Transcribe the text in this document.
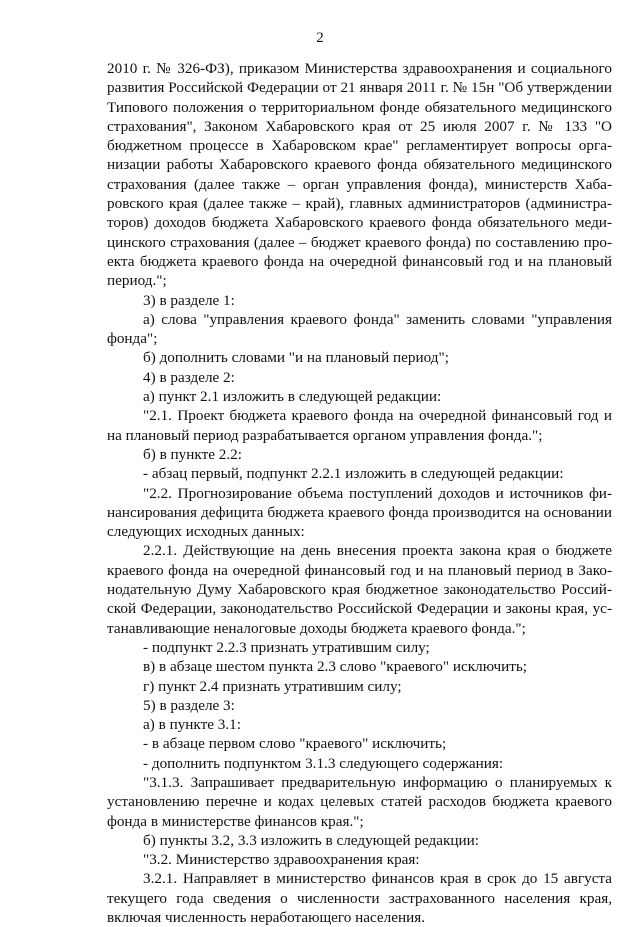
2

2010 г. № 326-ФЗ), приказом Министерства здравоохранения и социального развития Российской Федерации от 21 января 2011 г. № 15н "Об утверждении Типового положения о территориальном фонде обязательного медицинского страхования", Законом Хабаровского края от 25 июля 2007 г. № 133 "О бюджетном процессе в Хабаровском крае" регламентирует вопросы организации работы Хабаровского краевого фонда обязательного медицинского страхования (далее также – орган управления фонда), министерств Хабаровского края (далее также – край), главных администраторов (администраторов) доходов бюджета Хабаровского краевого фонда обязательного медицинского страхования (далее – бюджет краевого фонда) по составлению проекта бюджета краевого фонда на очередной финансовый год и на плановый период.";

3) в разделе 1:

а) слова "управления краевого фонда" заменить словами "управления фонда";

б) дополнить словами "и на плановый период";

4) в разделе 2:

а) пункт 2.1 изложить в следующей редакции:

"2.1. Проект бюджета краевого фонда на очередной финансовый год и на плановый период разрабатывается органом управления фонда.";

б) в пункте 2.2:

- абзац первый, подпункт 2.2.1 изложить в следующей редакции:

"2.2. Прогнозирование объема поступлений доходов и источников финансирования дефицита бюджета краевого фонда производится на основании следующих исходных данных:

2.2.1. Действующие на день внесения проекта закона края о бюджете краевого фонда на очередной финансовый год и на плановый период в Законодательную Думу Хабаровского края бюджетное законодательство Российской Федерации, законодательство Российской Федерации и законы края, устанавливающие неналоговые доходы бюджета краевого фонда.";

- подпункт 2.2.3 признать утратившим силу;

в) в абзаце шестом пункта 2.3 слово "краевого" исключить;

г) пункт 2.4 признать утратившим силу;

5) в разделе 3:

а) в пункте 3.1:

- в абзаце первом слово "краевого" исключить;

- дополнить подпунктом 3.1.3 следующего содержания:

"3.1.3. Запрашивает предварительную информацию о планируемых к установлению перечне и кодах целевых статей расходов бюджета краевого фонда в министерстве финансов края.";

б) пункты 3.2, 3.3 изложить в следующей редакции:

"3.2. Министерство здравоохранения края:

3.2.1. Направляет в министерство финансов края в срок до 15 августа текущего года сведения о численности застрахованного населения края, включая численность неработающего населения.
